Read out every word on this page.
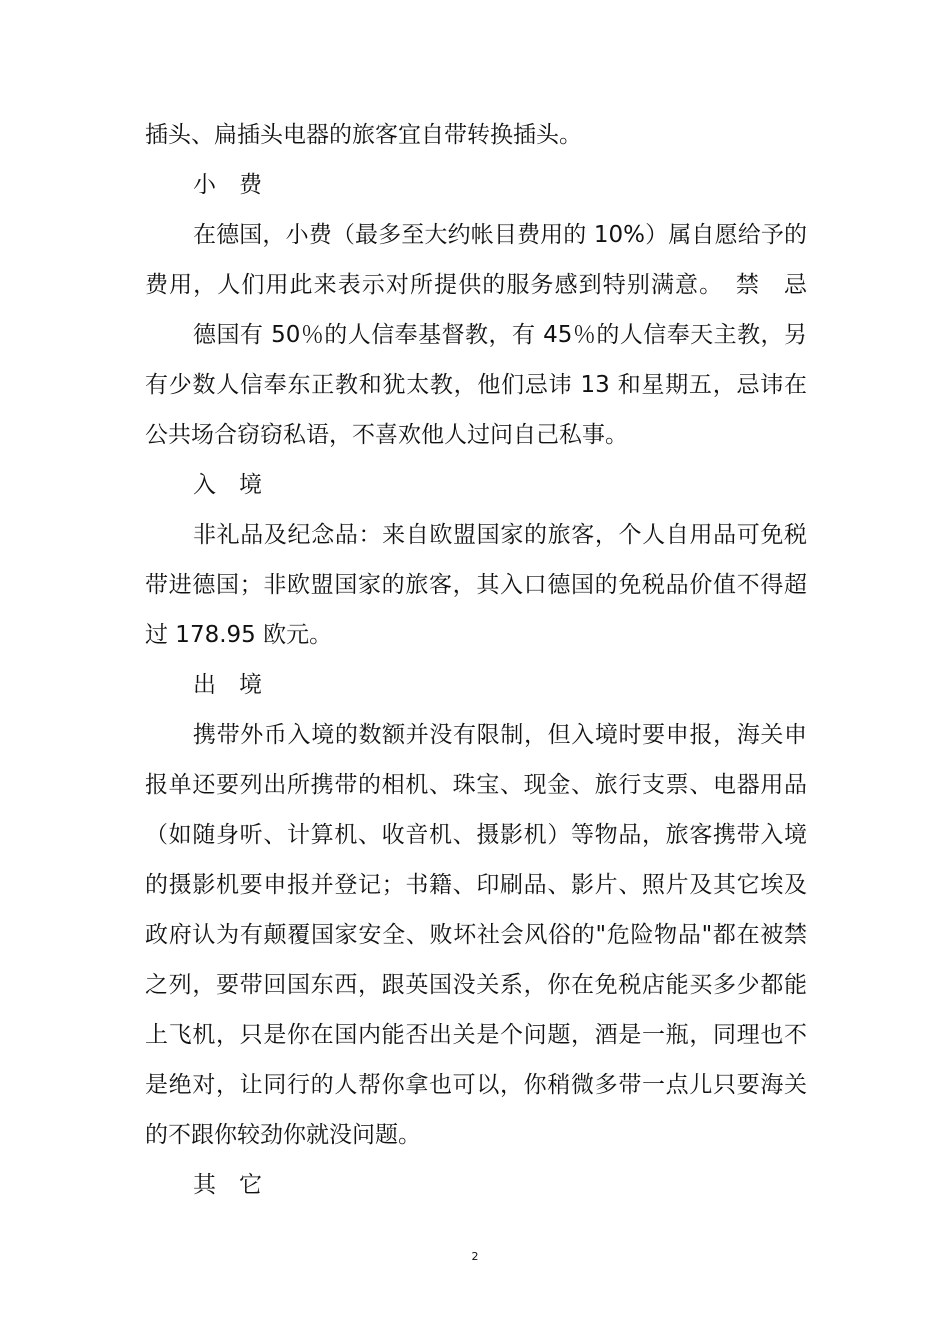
插头、扁插头电器的旅客宜自带转换插头。
小　费
在德国，小费（最多至大约帐目费用的 10%）属自愿给予的
费用，人们用此来表示对所提供的服务感到特别满意。　禁　忌
德国有 50％的人信奉基督教，有 45％的人信奉天主教，另
有少数人信奉东正教和犹太教，他们忌讳 13 和星期五，忌讳在
公共场合窃窃私语，不喜欢他人过问自己私事。
入　境
非礼品及纪念品：来自欧盟国家的旅客，个人自用品可免税
带进德国；非欧盟国家的旅客，其入口德国的免税品价值不得超
过 178.95 欧元。
出　境
携带外币入境的数额并没有限制，但入境时要申报，海关申
报单还要列出所携带的相机、珠宝、现金、旅行支票、电器用品
（如随身听、计算机、收音机、摄影机）等物品，旅客携带入境
的摄影机要申报并登记；书籍、印刷品、影片、照片及其它埃及
政府认为有颠覆国家安全、败坏社会风俗的"危险物品"都在被禁
之列，要带回国东西，跟英国没关系，你在免税店能买多少都能
上飞机，只是你在国内能否出关是个问题，酒是一瓶，同理也不
是绝对，让同行的人帮你拿也可以，你稍微多带一点儿只要海关
的不跟你较劲你就没问题。
其　它
2
